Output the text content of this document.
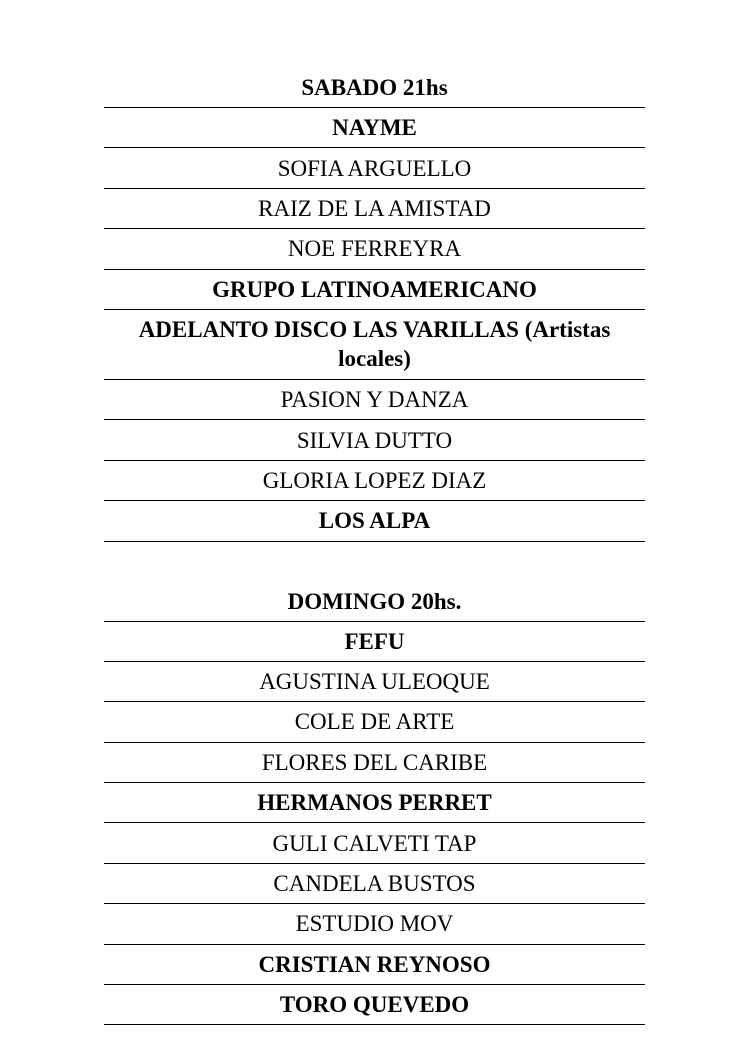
SABADO 21hs
NAYME
SOFIA ARGUELLO
RAIZ DE LA AMISTAD
NOE FERREYRA
GRUPO LATINOAMERICANO
ADELANTO DISCO LAS VARILLAS (Artistas locales)
PASION Y DANZA
SILVIA DUTTO
GLORIA LOPEZ DIAZ
LOS ALPA
DOMINGO 20hs.
FEFU
AGUSTINA ULEOQUE
COLE DE ARTE
FLORES DEL CARIBE
HERMANOS PERRET
GULI CALVETI TAP
CANDELA BUSTOS
ESTUDIO MOV
CRISTIAN REYNOSO
TORO QUEVEDO
